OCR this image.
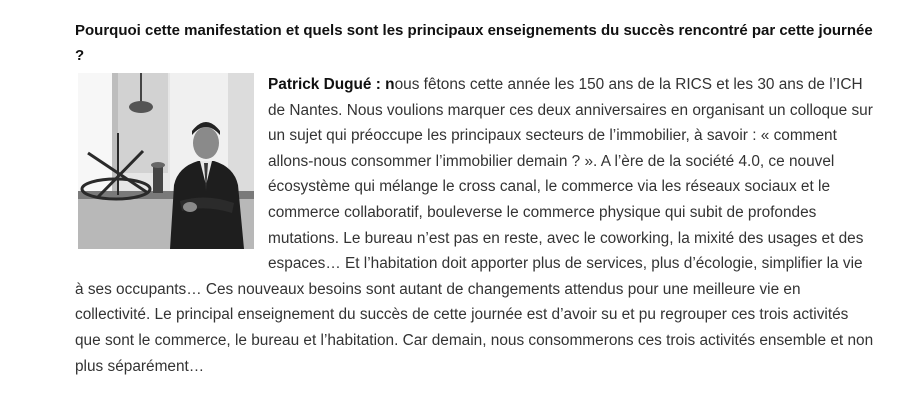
Pourquoi cette manifestation et quels sont les principaux enseignements du succès rencontré par cette journée ?

Patrick Dugué : nous fêtons cette année les 150 ans de la RICS et les 30 ans de l’ICH de Nantes. Nous voulions marquer ces deux anniversaires en organisant un colloque sur un sujet qui préoccupe les principaux secteurs de l’immobilier, à savoir : « comment allons-nous consommer l’immobilier demain ? ». A l’ère de la société 4.0, ce nouvel écosystème qui mélange le cross canal, le commerce via les réseaux sociaux et le commerce collaboratif, bouleverse le commerce physique qui subit de profondes mutations. Le bureau n’est pas en reste, avec le coworking, la mixité des usages et des espaces… Et l’habitation doit apporter plus de services, plus d’écologie, simplifier la vie à ses occupants… Ces nouveaux besoins sont autant de changements attendus pour une meilleure vie en collectivité. Le principal enseignement du succès de cette journée est d’avoir su et pu regrouper ces trois activités que sont le commerce, le bureau et l’habitation. Car demain, nous consommerons ces trois activités ensemble et non plus séparément…
